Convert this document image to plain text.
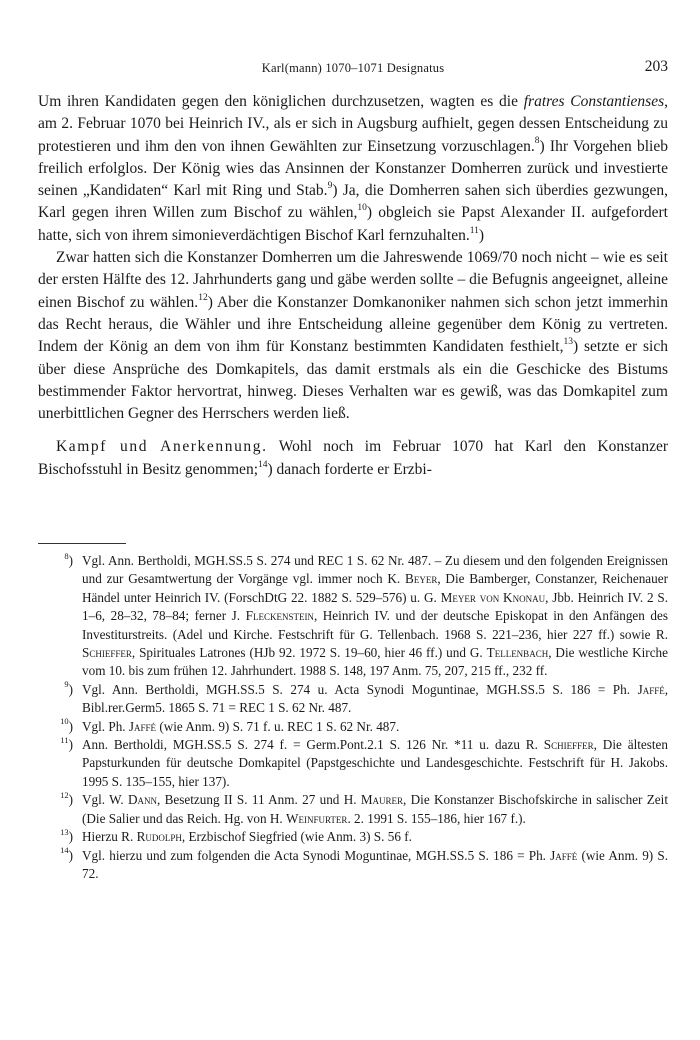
Karl(mann) 1070–1071 Designatus	203

Um ihren Kandidaten gegen den königlichen durchzusetzen, wagten es die fratres Constantienses, am 2. Februar 1070 bei Heinrich IV., als er sich in Augsburg aufhielt, gegen dessen Entscheidung zu protestieren und ihm den von ihnen Gewählten zur Einsetzung vorzuschlagen.$^8$) Ihr Vorgehen blieb freilich erfolglos. Der König wies das Ansinnen der Konstanzer Domherren zurück und investierte seinen „Kandidaten“ Karl mit Ring und Stab.$^9$) Ja, die Domherren sahen sich überdies gezwungen, Karl gegen ihren Willen zum Bischof zu wählen,$^{10}$) obgleich sie Papst Alexander II. aufgefordert hatte, sich von ihrem simonieverdächtigen Bischof Karl fernzuhalten.$^{11}$)

Zwar hatten sich die Konstanzer Domherren um die Jahreswende 1069/70 noch nicht – wie es seit der ersten Hälfte des 12. Jahrhunderts gang und gäbe werden sollte – die Befugnis angeeignet, alleine einen Bischof zu wählen.$^{12}$) Aber die Konstanzer Domkanoniker nahmen sich schon jetzt immerhin das Recht heraus, die Wähler und ihre Entscheidung alleine gegenüber dem König zu vertreten. Indem der König an dem von ihm für Konstanz bestimmten Kandidaten festhielt,$^{13}$) setzte er sich über diese Ansprüche des Domkapitels, das damit erstmals als ein die Geschicke des Bistums bestimmender Faktor hervortrat, hinweg. Dieses Verhalten war es gewiß, was das Domkapitel zum unerbittlichen Gegner des Herrschers werden ließ.

Kampf und Anerkennung. Wohl noch im Februar 1070 hat Karl den Konstanzer Bischofsstuhl in Besitz genommen;$^{14}$) danach forderte er Erzbi-

$^8$) Vgl. Ann. Bertholdi, MGH.SS.5 S. 274 und REC 1 S. 62 Nr. 487. – Zu diesem und den folgenden Ereignissen und zur Gesamtwertung der Vorgänge vgl. immer noch K. Beyer, Die Bamberger, Constanzer, Reichenauer Händel unter Heinrich IV. (ForschDtG 22. 1882 S. 529–576) u. G. Meyer von Knonau, Jbb. Heinrich IV. 2 S. 1–6, 28–32, 78–84; ferner J. Fleckenstein, Heinrich IV. und der deutsche Episkopat in den Anfängen des Investiturstreits. (Adel und Kirche. Festschrift für G. Tellenbach. 1968 S. 221–236, hier 227 ff.) sowie R. Schieffer, Spirituales Latrones (HJb 92. 1972 S. 19–60, hier 46 ff.) und G. Tellenbach, Die westliche Kirche vom 10. bis zum frühen 12. Jahrhundert. 1988 S. 148, 197 Anm. 75, 207, 215 ff., 232 ff.
$^9$) Vgl. Ann. Bertholdi, MGH.SS.5 S. 274 u. Acta Synodi Moguntinae, MGH.SS.5 S. 186 = Ph. Jaffé, Bibl.rer.Germ5. 1865 S. 71 = REC 1 S. 62 Nr. 487.
$^{10}$) Vgl. Ph. Jaffé (wie Anm. 9) S. 71 f. u. REC 1 S. 62 Nr. 487.
$^{11}$) Ann. Bertholdi, MGH.SS.5 S. 274 f. = Germ.Pont.2.1 S. 126 Nr. *11 u. dazu R. Schieffer, Die ältesten Papsturkunden für deutsche Domkapitel (Papstgeschichte und Landesgeschichte. Festschrift für H. Jakobs. 1995 S. 135–155, hier 137).
$^{12}$) Vgl. W. Dann, Besetzung II S. 11 Anm. 27 und H. Maurer, Die Konstanzer Bischofskirche in salischer Zeit (Die Salier und das Reich. Hg. von H. Weinfurter. 2. 1991 S. 155–186, hier 167 f.).
$^{13}$) Hierzu R. Rudolph, Erzbischof Siegfried (wie Anm. 3) S. 56 f.
$^{14}$) Vgl. hierzu und zum folgenden die Acta Synodi Moguntinae, MGH.SS.5 S. 186 = Ph. Jaffé (wie Anm. 9) S. 72.
